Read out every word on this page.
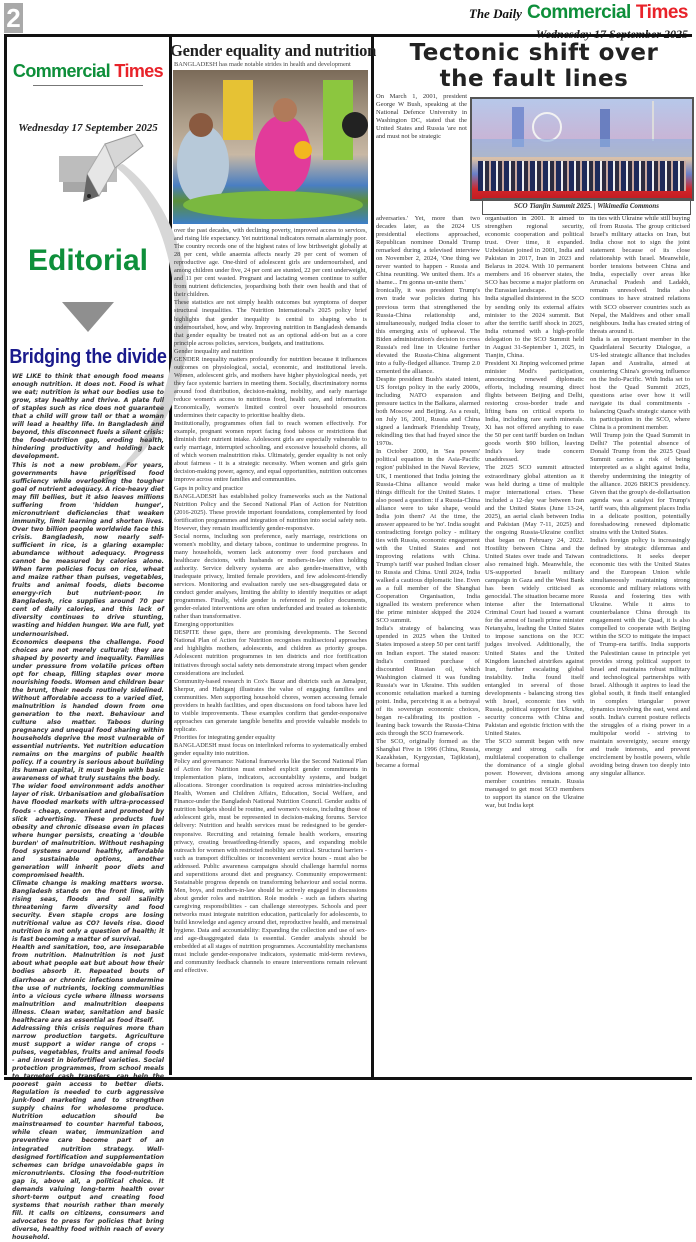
2	The Daily Commercial Times
Wednesday 17 September 2025
Commercial Times
Wednesday 17 September 2025
Editorial
Bridging the divide

WE LIKE to think that enough food means enough nutrition. It does not. Food is what we eat; nutrition is what our bodies use to grow, stay healthy and thrive. A plate full of staples such as rice does not guarantee that a child will grow tall or that a woman will lead a healthy life. In Bangladesh and beyond, this disconnect fuels a silent crisis: the food-nutrition gap, eroding health, hindering productivity and holding back development.

This is not a new problem. For years, governments have prioritised food sufficiency while overlooking the tougher goal of nutrient adequacy. A rice-heavy diet may fill bellies, but it also leaves millions suffering from 'hidden hunger', micronutrient deficiencies that weaken immunity, limit learning and shorten lives. Over two billion people worldwide face this crisis. Bangladesh, now nearly self-sufficient in rice, is a glaring example: abundance without adequacy. Progress cannot be measured by calories alone. When farm policies focus on rice, wheat and maize rather than pulses, vegetables, fruits and animal foods, diets become energy-rich but nutrient-poor. In Bangladesh, rice supplies around 70 per cent of daily calories, and this lack of diversity continues to drive stunting, wasting and hidden hunger. We are full, yet undernourished.

Economics deepens the challenge. Food choices are not merely cultural; they are shaped by poverty and inequality. Families under pressure from volatile prices often opt for cheap, filling staples over more nourishing foods. Women and children bear the brunt, their needs routinely sidelined. Without affordable access to a varied diet, malnutrition is handed down from one generation to the next. Behaviour and culture also matter. Taboos during pregnancy and unequal food sharing within households deprive the most vulnerable of essential nutrients. Yet nutrition education remains on the margins of public health policy. If a country is serious about building its human capital, it must begin with basic awareness of what truly sustains the body.

The wider food environment adds another layer of risk. Urbanisation and globalisation have flooded markets with ultra-processed foods - cheap, convenient and promoted by slick advertising. These products fuel obesity and chronic disease even in places where hunger persists, creating a 'double burden' of malnutrition. Without reshaping food systems around healthy, affordable and sustainable options, another generation will inherit poor diets and compromised health.

Climate change is making matters worse. Bangladesh stands on the front line, with rising seas, floods and soil salinity threatening farm diversity and food security. Even staple crops are losing nutritional value as CO? levels rise. Good nutrition is not only a question of health; it is fast becoming a matter of survival.

Health and sanitation, too, are inseparable from nutrition. Malnutrition is not just about what people eat but about how their bodies absorb it. Repeated bouts of diarrhoea or chronic infections undermine the use of nutrients, locking communities into a vicious cycle where illness worsens malnutrition and malnutrition deepens illness. Clean water, sanitation and basic healthcare are as essential as food itself.

Addressing this crisis requires more than narrow production targets. Agriculture must support a wider range of crops - pulses, vegetables, fruits and animal foods - and invest in biofortified varieties. Social protection programmes, from school meals to targeted cash transfers, can help the poorest gain access to better diets. Regulation is needed to curb aggressive junk-food marketing and to strengthen supply chains for wholesome produce. Nutrition education should be mainstreamed to counter harmful taboos, while clean water, immunization and preventive care become part of an integrated nutrition strategy. Well-designed fortification and supplementation schemes can bridge unavoidable gaps in micronutrients. Closing the food-nutrition gap is, above all, a political choice. It demands valuing long-term health over short-term output and creating food systems that nourish rather than merely fill. It calls on citizens, consumers and advocates to press for policies that bring diverse, healthy food within reach of every household.

Gender equality and nutrition
BANGLADESH has made notable strides in health and development

over the past decades, with declining poverty, improved access to services, and rising life expectancy. Yet nutritional indicators remain alarmingly poor. The country records one of the highest rates of low birthweight globally at 28 per cent, while anaemia affects nearly 29 per cent of women of reproductive age. One-third of adolescent girls are undernourished, and among children under five, 24 per cent are stunted, 22 per cent underweight, and 11 per cent wasted. Pregnant and lactating women continue to suffer from nutrient deficiencies, jeopardising both their own health and that of their children.

These statistics are not simply health outcomes but symptoms of deeper structural inequalities. The Nutrition International's 2025 policy brief highlights that gender inequality is central to shaping who is undernourished, how, and why. Improving nutrition in Bangladesh demands that gender equality be treated not as an optional add-on but as a core principle across policies, services, budgets, and institutions.

Gender inequality and nutrition

GENDER inequality matters profoundly for nutrition because it influences outcomes on physiological, social, economic, and institutional levels. Women, adolescent girls, and mothers have higher physiological needs, yet they face systemic barriers in meeting them. Socially, discriminatory norms around food distribution, decision-making, mobility, and early marriage reduce women's access to nutritious food, health care, and information. Economically, women's limited control over household resources undermines their capacity to prioritise healthy diets.

Institutionally, programmes often fail to reach women effectively. For example, pregnant women report facing food taboos or restrictions that diminish their nutrient intake. Adolescent girls are especially vulnerable to early marriage, interrupted schooling, and excessive household chores, all of which worsen malnutrition risks. Ultimately, gender equality is not only about fairness - it is a strategic necessity. When women and girls gain decision-making power, agency, and equal opportunities, nutrition outcomes improve across entire families and communities.

Gaps in policy and practice

BANGLADESH has established policy frameworks such as the National Nutrition Policy and the Second National Plan of Action for Nutrition (2016-2025). These provide important foundations, complemented by food fortification programmes and integration of nutrition into social safety nets. However, they remain insufficiently gender-responsive.

Social norms, including son preference, early marriage, restrictions on women's mobility, and dietary taboos, continue to undermine progress. In many households, women lack autonomy over food purchases and healthcare decisions, with husbands or mothers-in-law often holding authority. Service delivery systems are also gender-insensitive, with inadequate privacy, limited female providers, and few adolescent-friendly services. Monitoring and evaluation rarely use sex-disaggregated data or conduct gender analyses, limiting the ability to identify inequities or adapt programmes. Finally, while gender is referenced in policy documents, gender-related interventions are often underfunded and treated as tokenistic rather than transformative.

Emerging opportunities

DESPITE these gaps, there are promising developments. The Second National Plan of Action for Nutrition recognises multisectoral approaches and highlights mothers, adolescents, and children as priority groups. Adolescent nutrition programmes in ten districts and rice fortification initiatives through social safety nets demonstrate strong impact when gender considerations are included.

Community-based research in Cox's Bazar and districts such as Jamalpur, Sherpur, and Habiganj illustrates the value of engaging families and communities. Men supporting household chores, women accessing female providers in health facilities, and open discussions on food taboos have led to visible improvements. These examples confirm that gender-responsive approaches can generate tangible benefits and provide valuable models to replicate.

Priorities for integrating gender equality

BANGLADESH must focus on interlinked reforms to systematically embed gender equality into nutrition.

Policy and governance: National frameworks like the Second National Plan of Action for Nutrition must embed explicit gender commitments in implementation plans, indicators, accountability systems, and budget allocations. Stronger coordination is required across ministries-including Health, Women and Children Affairs, Education, Social Welfare, and Finance-under the Bangladesh National Nutrition Council. Gender audits of nutrition budgets should be routine, and women's voices, including those of adolescent girls, must be represented in decision-making forums. Service delivery: Nutrition and health services must be redesigned to be gender-responsive. Recruiting and retaining female health workers, ensuring privacy, creating breastfeeding-friendly spaces, and expanding mobile outreach for women with restricted mobility are critical. Structural barriers - such as transport difficulties or inconvenient service hours - must also be addressed. Public awareness campaigns should challenge harmful norms and superstitions around diet and pregnancy. Community empowerment: Sustainable progress depends on transforming behaviour and social norms. Men, boys, and mothers-in-law should be actively engaged in discussions about gender roles and nutrition. Role models - such as fathers sharing caregiving responsibilities - can challenge stereotypes. Schools and peer networks must integrate nutrition education, particularly for adolescents, to build knowledge and agency around diet, reproductive health, and menstrual hygiene. Data and accountability: Expanding the collection and use of sex- and age-disaggregated data is essential. Gender analysis should be embedded at all stages of nutrition programmes. Accountability mechanisms must include gender-responsive indicators, systematic mid-term reviews, and community feedback channels to ensure interventions remain relevant and effective.

Tectonic shift over
the fault lines

On March 1, 2001, president George W Bush, speaking at the National Defence University in Washington DC, stated that the United States and Russia 'are not and must not be strategic

SCO Tianjin Summit 2025. | Wikimedia Commons

adversaries.' Yet, more than two decades later, as the 2024 US presidential elections approached, Republican nominee Donald Trump remarked during a televised interview on November 2, 2024, 'One thing we never wanted to happen - Russia and China reuniting. We united them. It's a shame... I'm gonna un-unite them.'

Ironically, it was president Trump's own trade war policies during his previous term that strengthened the Russia-China relationship and, simultaneously, nudged India closer to this emerging axis of upheaval. The Biden administration's decision to cross Russia's red line in Ukraine further elevated the Russia-China alignment into a fully-fledged alliance. Trump 2.0 cemented the alliance.

Despite president Bush's stated intent, US foreign policy in the early 2000s, including NATO expansion and pressure tactics in the Balkans, alarmed both Moscow and Beijing. As a result, on July 16, 2001, Russia and China signed a landmark Friendship Treaty, rekindling ties that had frayed since the 1970s.

In October 2000, in 'Sea powers' political equation in the Asia-Pacific region' published in the Naval Review, UK, I mentioned that India joining the Russia-China alliance would make things difficult for the United States. I also posed a question: if a Russia-China alliance were to take shape, would India join them? At the time, the answer appeared to be 'no'. India sought contradicting foreign policy - military ties with Russia, economic engagement with the United States and not improving relations with China. Trump's tariff war pushed Indian closer to Russia and China. Until 2024, India walked a cautious diplomatic line. Even as a full member of the Shanghai Cooperation Organisation, India signalled its western preference when the prime minister skipped the 2024 SCO summit.

India's strategy of balancing was upended in 2025 when the United States imposed a steep 50 per cent tariff on Indian export. The stated reason: India's continued purchase of discounted Russian oil, which Washington claimed it was funding Russia's war in Ukraine. This sudden economic retaliation marked a turning point. India, perceiving it as a betrayal of its sovereign economic choices, began re-calibrating its position - leaning back towards the Russia-China axis through the SCO framework.

The SCO, originally formed as the Shanghai Five in 1996 (China, Russia, Kazakhstan, Kyrgyzstan, Tajikistan), became a formal

organisation in 2001. It aimed to strengthen regional security, economic cooperation and political trust. Over time, it expanded. Uzbekistan joined in 2001, India and Pakistan in 2017, Iran in 2023 and Belarus in 2024. With 10 permanent members and 16 observer states, the SCO has become a major platform on the Eurasian landscape.

India signalled disinterest in the SCO by sending only its external affairs minister to the 2024 summit. But after the terrific tariff shock in 2025, India returned with a high-profile delegation to the SCO Summit held in August 31-September 1, 2025, in Tianjin, China.

President Xi Jinping welcomed prime minister Modi's participation, announcing renewed diplomatic efforts, including resuming direct flights between Beijing and Delhi, restoring cross-border trade and lifting bans on critical exports to India, including rare earth minerals. Xi has not offered anything to ease the 50 per cent tariff burden on Indian goods worth $90 billion, leaving India's key trade concern unaddressed.

The 2025 SCO summit attracted extraordinary global attention as it was held during a time of multiple major international crises. These included a 12-day war between Iran and the United States (June 13-24, 2025), an aerial clash between India and Pakistan (May 7-11, 2025) and the ongoing Russia-Ukraine conflict that began on February 24, 2022. Hostility between China and the United States over trade and Taiwan also remained high. Meanwhile, the US-supported Israeli military campaign in Gaza and the West Bank has been widely criticised as genocidal. The situation became more intense after the International Criminal Court had issued a warrant for the arrest of Israeli prime minister Netanyahu, leading the United States to impose sanctions on the ICC judges involved. Additionally, the United States and the United Kingdom launched airstrikes against Iran, further escalating global instability. India found itself entangled in several of those developments - balancing strong ties with Israel, economic ties with Russia, political support for Ukraine, security concerns with China and Pakistan and egoistic friction with the United States.

The SCO summit began with new energy and strong calls for multilateral cooperation to challenge the dominance of a single global power. However, divisions among member countries remain. Russia managed to get most SCO members to support its stance on the Ukraine war, but India kept

its ties with Ukraine while still buying oil from Russia. The group criticised Israel's military attacks on Iran, but India chose not to sign the joint statement because of its close relationship with Israel. Meanwhile, border tensions between China and India, especially over areas like Arunachal Pradesh and Ladakh, remain unresolved. India also continues to have strained relations with SCO observer countries such as Nepal, the Maldives and other small neighbours. India has created string of threats around it.

India is an important member in the Quadrilateral Security Dialogue, a US-led strategic alliance that includes Japan and Australia, aimed at countering China's growing influence on the Indo-Pacific. With India set to host the Quad Summit 2025, questions arise over how it will navigate its dual commitments - balancing Quad's strategic stance with its participation in the SCO, where China is a prominent member.

Will Trump join the Quad Summit in Delhi? The potential absence of Donald Trump from the 2025 Quad Summit carries a risk of being interpreted as a slight against India, thereby undermining the integrity of the alliance. 2026 BRICS presidency. Given that the group's de-dollarisation agenda was a catalyst for Trump's tariff wars, this alignment places India in a delicate position, potentially foreshadowing renewed diplomatic strains with the United States.

India's foreign policy is increasingly defined by strategic dilemmas and contradictions. It seeks deeper economic ties with the United States and the European Union while simultaneously maintaining strong economic and military relations with Russia and fostering ties with Ukraine. While it aims to counterbalance China through its engagement with the Quad, it is also compelled to cooperate with Beijing within the SCO to mitigate the impact of Trump-era tariffs. India supports the Palestinian cause in principle yet provides strong political support to Israel and maintains robust military and technological partnerships with Israel. Although it aspires to lead the global south, it finds itself entangled in complex triangular power dynamics involving the east, west and south. India's current posture reflects the struggles of a rising power in a multipolar world - striving to maintain sovereignty, secure energy and trade interests, and prevent encirclement by hostile powers, while avoiding being drawn too deeply into any singular alliance.
